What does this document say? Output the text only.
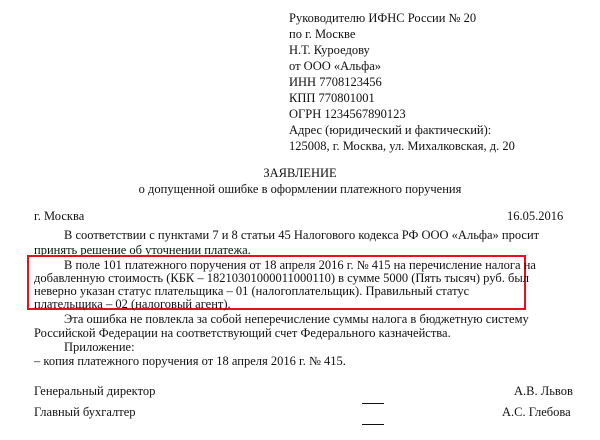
Руководителю ИФНС России № 20
по г. Москве
Н.Т. Куроедову
от ООО «Альфа»
ИНН 7708123456
КПП 770801001
ОГРН 1234567890123
Адрес (юридический и фактический):
125008, г. Москва, ул. Михалковская, д. 20
ЗАЯВЛЕНИЕ
о допущенной ошибке в оформлении платежного поручения
г. Москва	16.05.2016
В соответствии с пунктами 7 и 8 статьи 45 Налогового кодекса РФ ООО «Альфа» просит
принять решение об уточнении платежа.
В поле 101 платежного поручения от 18 апреля 2016 г. № 415 на перечисление налога на
добавленную стоимость (КБК – 18210301000011000110) в сумме 5000 (Пять тысяч) руб. был
неверно указан статус плательщика – 01 (налогоплательщик). Правильный статус
плательщика – 02 (налоговый агент).
Эта ошибка не повлекла за собой неперечисление суммы налога в бюджетную систему
Российской Федерации на соответствующий счет Федерального казначейства.
Приложение:
– копия платежного поручения от 18 апреля 2016 г. № 415.
Генеральный директор	А.В. Львов
Главный бухгалтер	А.С. Глебова
